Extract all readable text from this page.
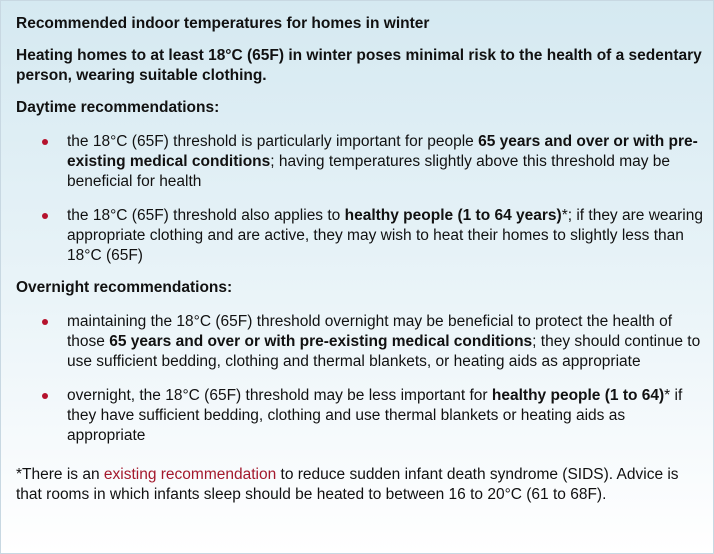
Recommended indoor temperatures for homes in winter

Heating homes to at least 18°C (65F) in winter poses minimal risk to the health of a sedentary person, wearing suitable clothing.

Daytime recommendations:

the 18°C (65F) threshold is particularly important for people 65 years and over or with pre-existing medical conditions; having temperatures slightly above this threshold may be beneficial for health
the 18°C (65F) threshold also applies to healthy people (1 to 64 years)*; if they are wearing appropriate clothing and are active, they may wish to heat their homes to slightly less than 18°C (65F)

Overnight recommendations:

maintaining the 18°C (65F) threshold overnight may be beneficial to protect the health of those 65 years and over or with pre-existing medical conditions; they should continue to use sufficient bedding, clothing and thermal blankets, or heating aids as appropriate
overnight, the 18°C (65F) threshold may be less important for healthy people (1 to 64)* if they have sufficient bedding, clothing and use thermal blankets or heating aids as appropriate

*There is an existing recommendation to reduce sudden infant death syndrome (SIDS). Advice is that rooms in which infants sleep should be heated to between 16 to 20°C (61 to 68F).
